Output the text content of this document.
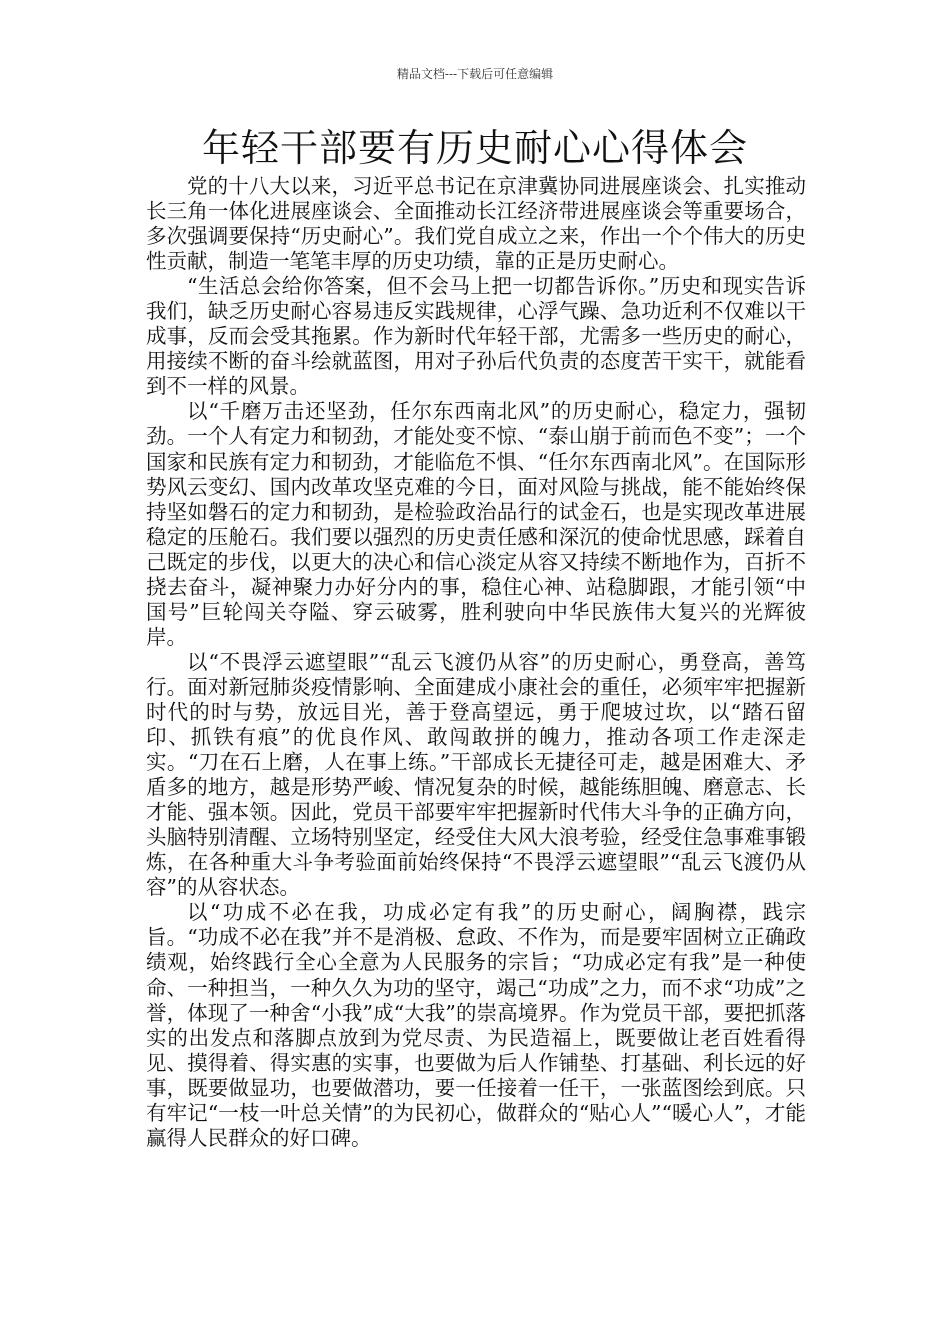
精品文档---下载后可任意编辑
年轻干部要有历史耐心心得体会

党的十八大以来，习近平总书记在京津冀协同进展座谈会、扎实推动长三角一体化进展座谈会、全面推动长江经济带进展座谈会等重要场合，多次强调要保持“历史耐心”。我们党自成立之来，作出一个个伟大的历史性贡献，制造一笔笔丰厚的历史功绩，靠的正是历史耐心。

“生活总会给你答案，但不会马上把一切都告诉你。”历史和现实告诉我们，缺乏历史耐心容易违反实践规律，心浮气躁、急功近利不仅难以干成事，反而会受其拖累。作为新时代年轻干部，尤需多一些历史的耐心，用接续不断的奋斗绘就蓝图，用对子孙后代负责的态度苦干实干，就能看到不一样的风景。

以“千磨万击还坚劲，任尔东西南北风”的历史耐心，稳定力，强韧劲。一个人有定力和韧劲，才能处变不惊、“泰山崩于前而色不变”；一个国家和民族有定力和韧劲，才能临危不惧、“任尔东西南北风”。在国际形势风云变幻、国内改革攻坚克难的今日，面对风险与挑战，能不能始终保持坚如磐石的定力和韧劲，是检验政治品行的试金石，也是实现改革进展稳定的压舱石。我们要以强烈的历史责任感和深沉的使命忧思感，踩着自己既定的步伐，以更大的决心和信心淡定从容又持续不断地作为，百折不挠去奋斗，凝神聚力办好分内的事，稳住心神、站稳脚跟，才能引领“中国号”巨轮闯关夺隘、穿云破雾，胜利驶向中华民族伟大复兴的光辉彼岸。

以“不畏浮云遮望眼”“乱云飞渡仍从容”的历史耐心，勇登高，善笃行。面对新冠肺炎疫情影响、全面建成小康社会的重任，必须牢牢把握新时代的时与势，放远目光，善于登高望远，勇于爬坡过坎，以“踏石留印、抓铁有痕”的优良作风、敢闯敢拼的魄力，推动各项工作走深走实。“刀在石上磨，人在事上练。”干部成长无捷径可走，越是困难大、矛盾多的地方，越是形势严峻、情况复杂的时候，越能练胆魄、磨意志、长才能、强本领。因此，党员干部要牢牢把握新时代伟大斗争的正确方向，头脑特别清醒、立场特别坚定，经受住大风大浪考验，经受住急事难事锻炼，在各种重大斗争考验面前始终保持“不畏浮云遮望眼”“乱云飞渡仍从容”的从容状态。

以“功成不必在我，功成必定有我”的历史耐心，阔胸襟，践宗旨。“功成不必在我”并不是消极、怠政、不作为，而是要牢固树立正确政绩观，始终践行全心全意为人民服务的宗旨；“功成必定有我”是一种使命、一种担当，一种久久为功的坚守，竭己“功成”之力，而不求“功成”之誉，体现了一种舍“小我”成“大我”的崇高境界。作为党员干部，要把抓落实的出发点和落脚点放到为党尽责、为民造福上，既要做让老百姓看得见、摸得着、得实惠的实事，也要做为后人作铺垫、打基础、利长远的好事，既要做显功，也要做潜功，要一任接着一任干，一张蓝图绘到底。只有牢记“一枝一叶总关情”的为民初心，做群众的“贴心人”“暖心人”，才能赢得人民群众的好口碑。
